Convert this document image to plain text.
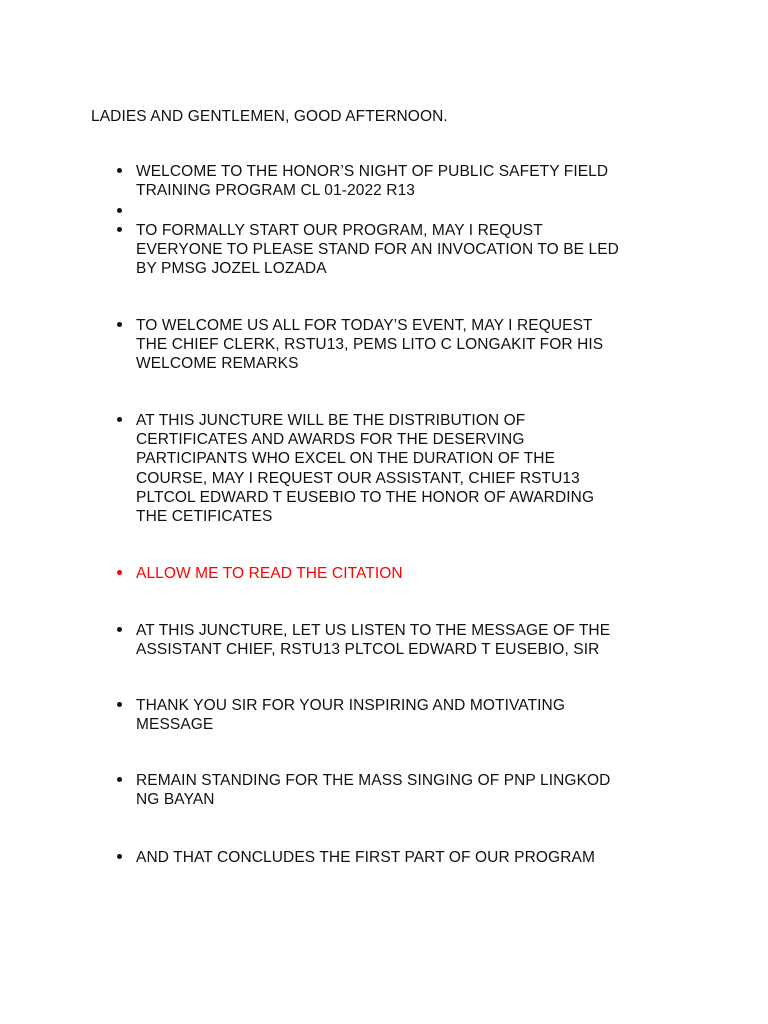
LADIES AND GENTLEMEN, GOOD AFTERNOON.

WELCOME TO THE HONOR’S NIGHT OF PUBLIC SAFETY FIELD
TRAINING PROGRAM CL 01-2022 R13
TO FORMALLY START OUR PROGRAM, MAY I REQUST
EVERYONE TO PLEASE STAND FOR AN INVOCATION TO BE LED
BY PMSG JOZEL LOZADA
TO WELCOME US ALL FOR TODAY’S EVENT, MAY I REQUEST
THE CHIEF CLERK, RSTU13, PEMS LITO C LONGAKIT FOR HIS
WELCOME REMARKS
AT THIS JUNCTURE WILL BE THE DISTRIBUTION OF
CERTIFICATES AND AWARDS FOR THE DESERVING
PARTICIPANTS WHO EXCEL ON THE DURATION OF THE
COURSE, MAY I REQUEST OUR ASSISTANT, CHIEF RSTU13
PLTCOL EDWARD T EUSEBIO TO THE HONOR OF AWARDING
THE CETIFICATES
ALLOW ME TO READ THE CITATION
AT THIS JUNCTURE, LET US LISTEN TO THE MESSAGE OF THE
ASSISTANT CHIEF, RSTU13 PLTCOL EDWARD T EUSEBIO, SIR
THANK YOU SIR FOR YOUR INSPIRING AND MOTIVATING
MESSAGE
REMAIN STANDING FOR THE MASS SINGING OF PNP LINGKOD
NG BAYAN
AND THAT CONCLUDES THE FIRST PART OF OUR PROGRAM
